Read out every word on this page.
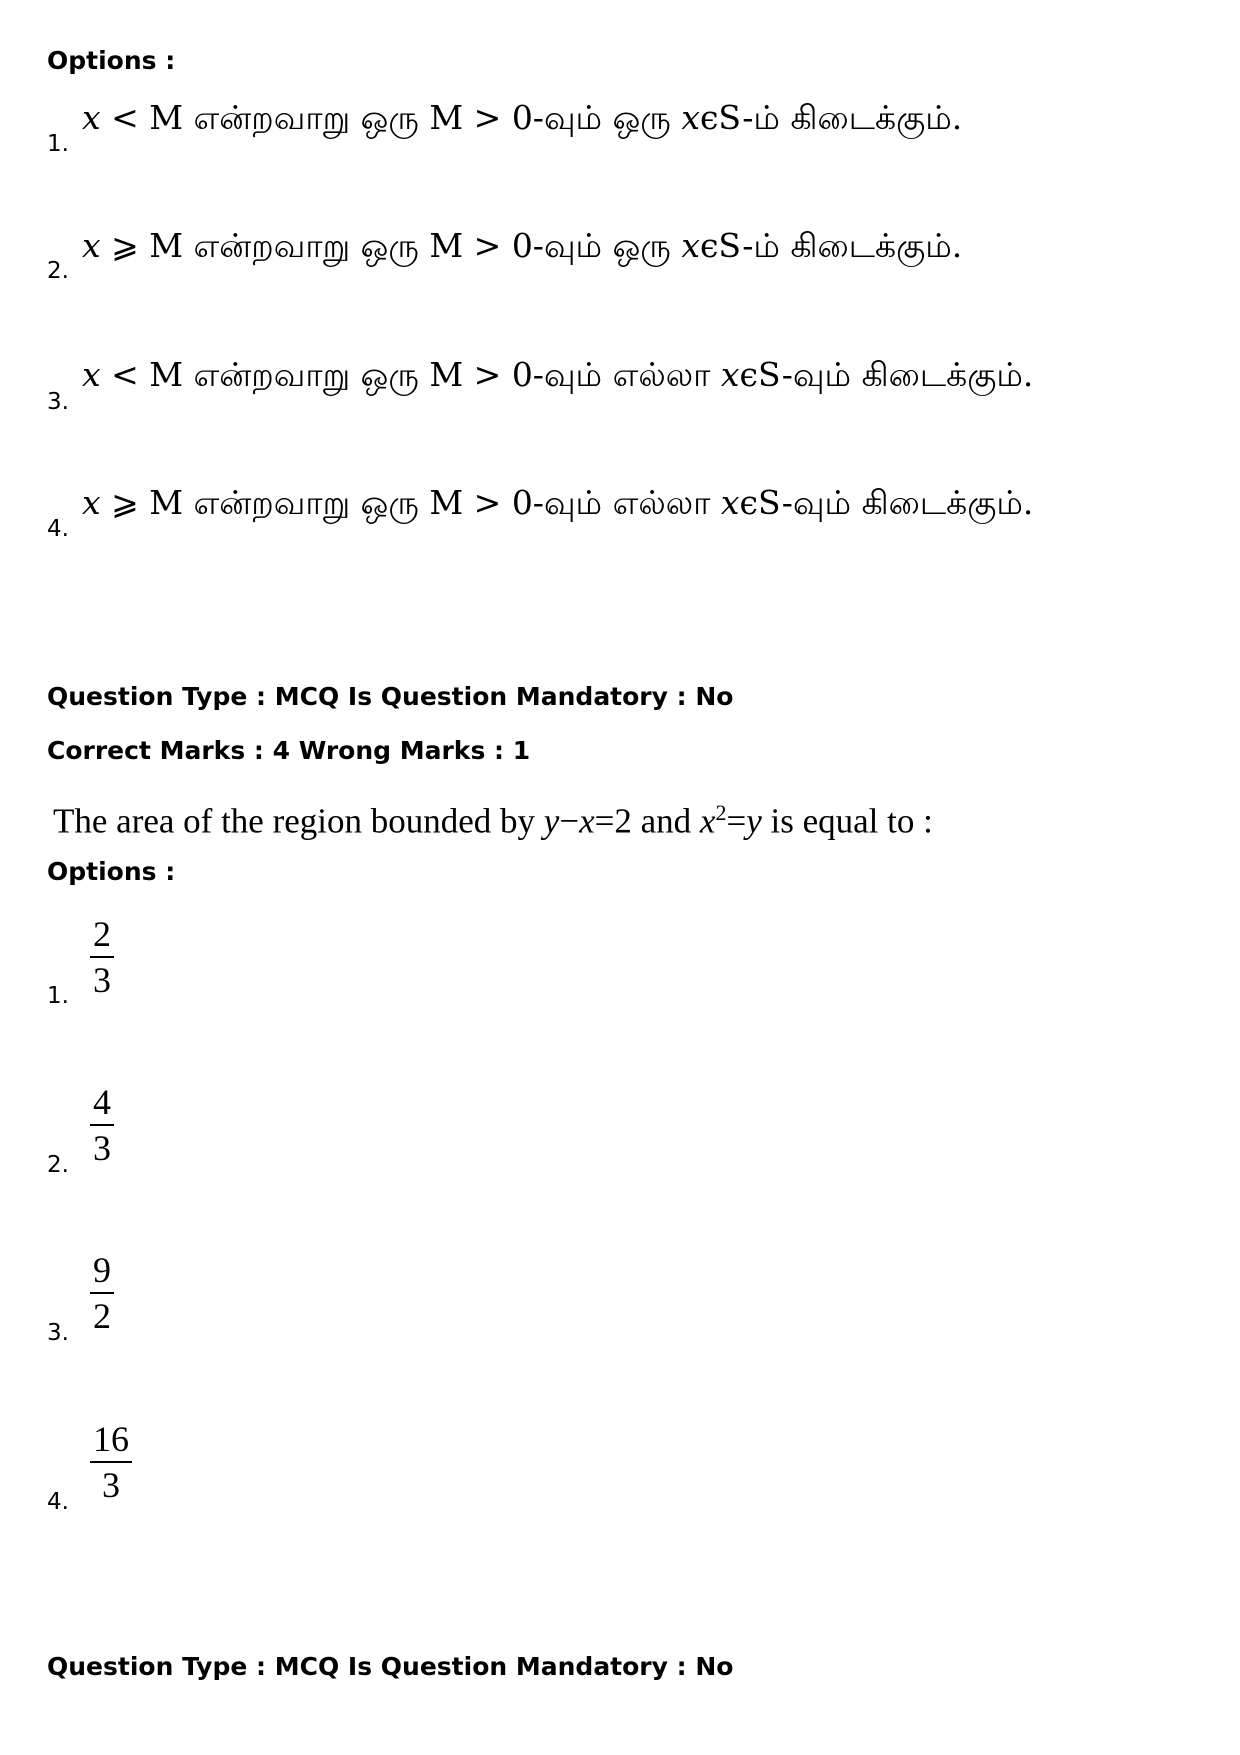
Options :
1.
x < M என்றவாறு ஒரு M > 0-வும் ஒரு xϵS-ம் கிடைக்கும்.
2.
x ⩾ M என்றவாறு ஒரு M > 0-வும் ஒரு xϵS-ம் கிடைக்கும்.
3.
x < M என்றவாறு ஒரு M > 0-வும் எல்லா xϵS-வும் கிடைக்கும்.
4.
x ⩾ M என்றவாறு ஒரு M > 0-வும் எல்லா xϵS-வும் கிடைக்கும்.
Question Type : MCQ Is Question Mandatory : No
Correct Marks : 4 Wrong Marks : 1
The area of the region bounded by y−x=2 and $x^2=y$ is equal to :
Options :
1.
2
3
2.
4
3
3.
9
2
4.
16
3
Question Type : MCQ Is Question Mandatory : No
